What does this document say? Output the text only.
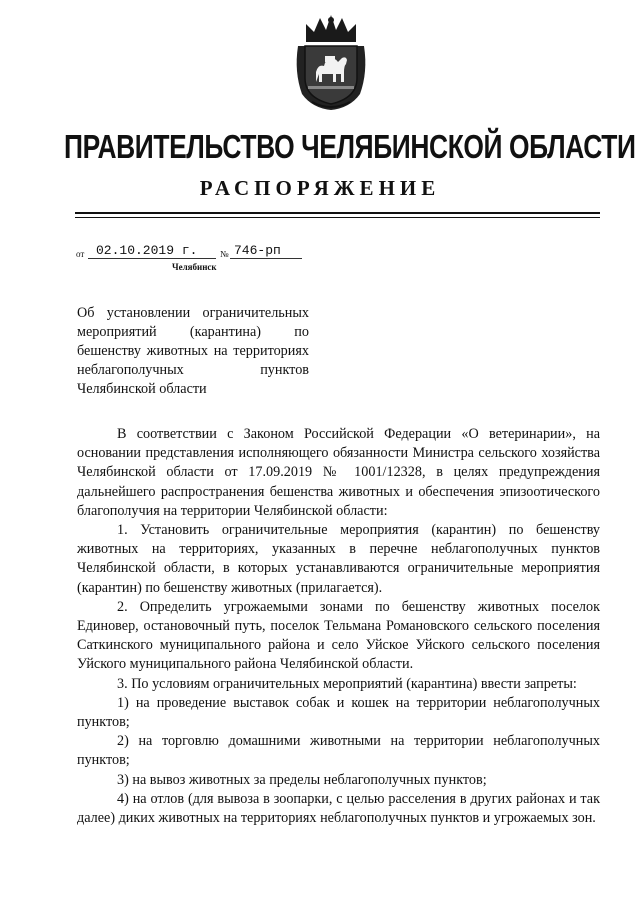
ПРАВИТЕЛЬСТВО ЧЕЛЯБИНСКОЙ ОБЛАСТИ
РАСПОРЯЖЕНИЕ
от 02.10.2019 г.	№ 746-рп
Челябинск
Об установлении ограничительных мероприятий (карантина) по бешенству животных на территориях неблагополучных пунктов Челябинской области

В соответствии с Законом Российской Федерации «О ветеринарии», на основании представления исполняющего обязанности Министра сельского хозяйства Челябинской области от 17.09.2019 № 1001/12328, в целях предупреждения дальнейшего распространения бешенства животных и обеспечения эпизоотического благополучия на территории Челябинской области:

1. Установить ограничительные мероприятия (карантин) по бешенству животных на территориях, указанных в перечне неблагополучных пунктов Челябинской области, в которых устанавливаются ограничительные мероприятия (карантин) по бешенству животных (прилагается).

2. Определить угрожаемыми зонами по бешенству животных поселок Единовер, остановочный путь, поселок Тельмана Романовского сельского поселения Саткинского муниципального района и село Уйское Уйского сельского поселения Уйского муниципального района Челябинской области.

3. По условиям ограничительных мероприятий (карантина) ввести запреты:

1) на проведение выставок собак и кошек на территории неблагополучных пунктов;

2) на торговлю домашними животными на территории неблагополучных пунктов;

3) на вывоз животных за пределы неблагополучных пунктов;

4) на отлов (для вывоза в зоопарки, с целью расселения в других районах и так далее) диких животных на территориях неблагополучных пунктов и угрожаемых зон.
